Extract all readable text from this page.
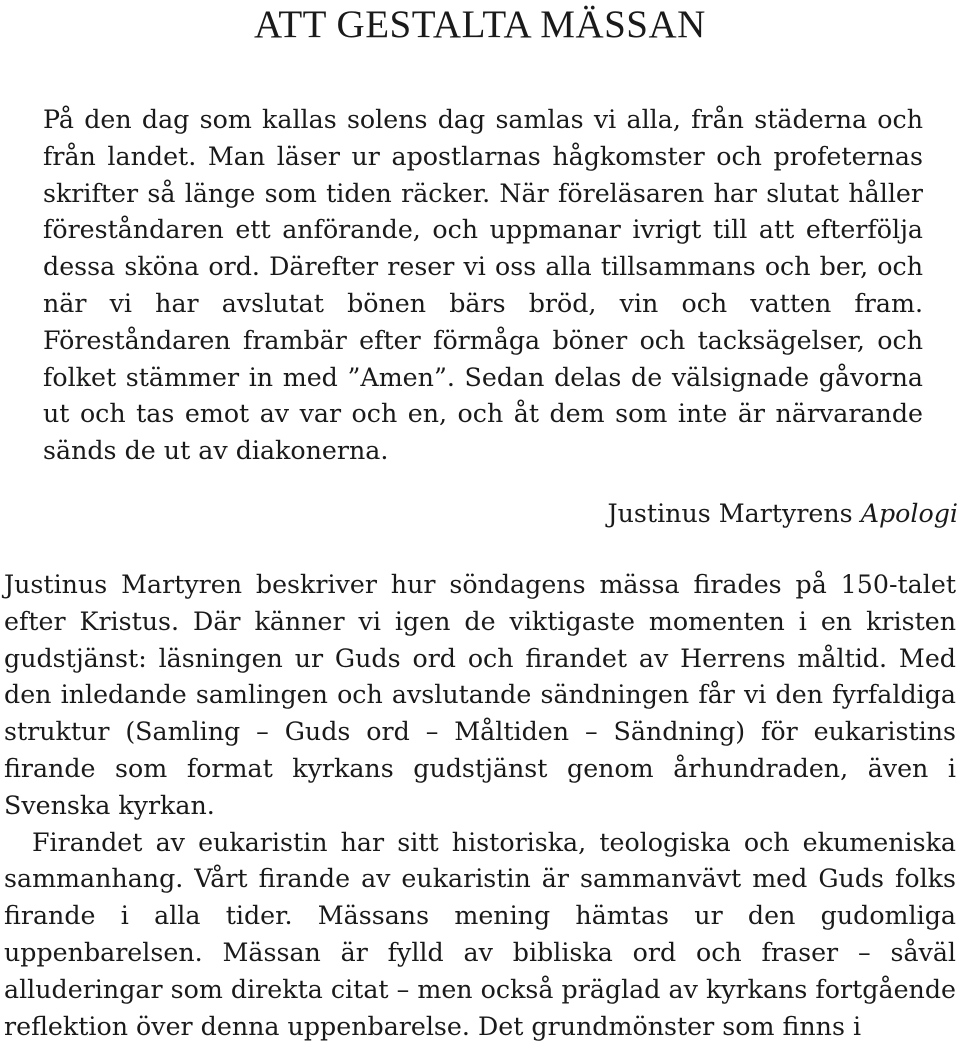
ATT GESTALTA MÄSSAN

På den dag som kallas solens dag samlas vi alla, från städerna och från landet. Man läser ur apostlarnas hågkomster och profeternas skrifter så länge som tiden räcker. När föreläsaren har slutat håller föreståndaren ett anförande, och uppmanar ivrigt till att efterfölja dessa sköna ord. Därefter reser vi oss alla tillsammans och ber, och när vi har avslutat bönen bärs bröd, vin och vatten fram. Föreståndaren frambär efter förmåga böner och tacksägelser, och folket stämmer in med ”Amen”. Sedan delas de välsignade gåvorna ut och tas emot av var och en, och åt dem som inte är närvarande sänds de ut av diakonerna.

Justinus Martyrens Apologi

Justinus Martyren beskriver hur söndagens mässa firades på 150-talet efter Kristus. Där känner vi igen de viktigaste momenten i en kristen gudstjänst: läsningen ur Guds ord och firandet av Herrens måltid. Med den inledande samlingen och avslutande sändningen får vi den fyrfaldiga struktur (Samling – Guds ord – Måltiden – Sändning) för eukaristins firande som format kyrkans gudstjänst genom århundraden, även i Svenska kyrkan.

Firandet av eukaristin har sitt historiska, teologiska och ekumeniska sammanhang. Vårt firande av eukaristin är sammanvävt med Guds folks firande i alla tider. Mässans mening hämtas ur den gudomliga uppenbarelsen. Mässan är fylld av bibliska ord och fraser – såväl alluderingar som direkta citat – men också präglad av kyrkans fortgående reflektion över denna uppenbarelse. Det grundmönster som finns i
